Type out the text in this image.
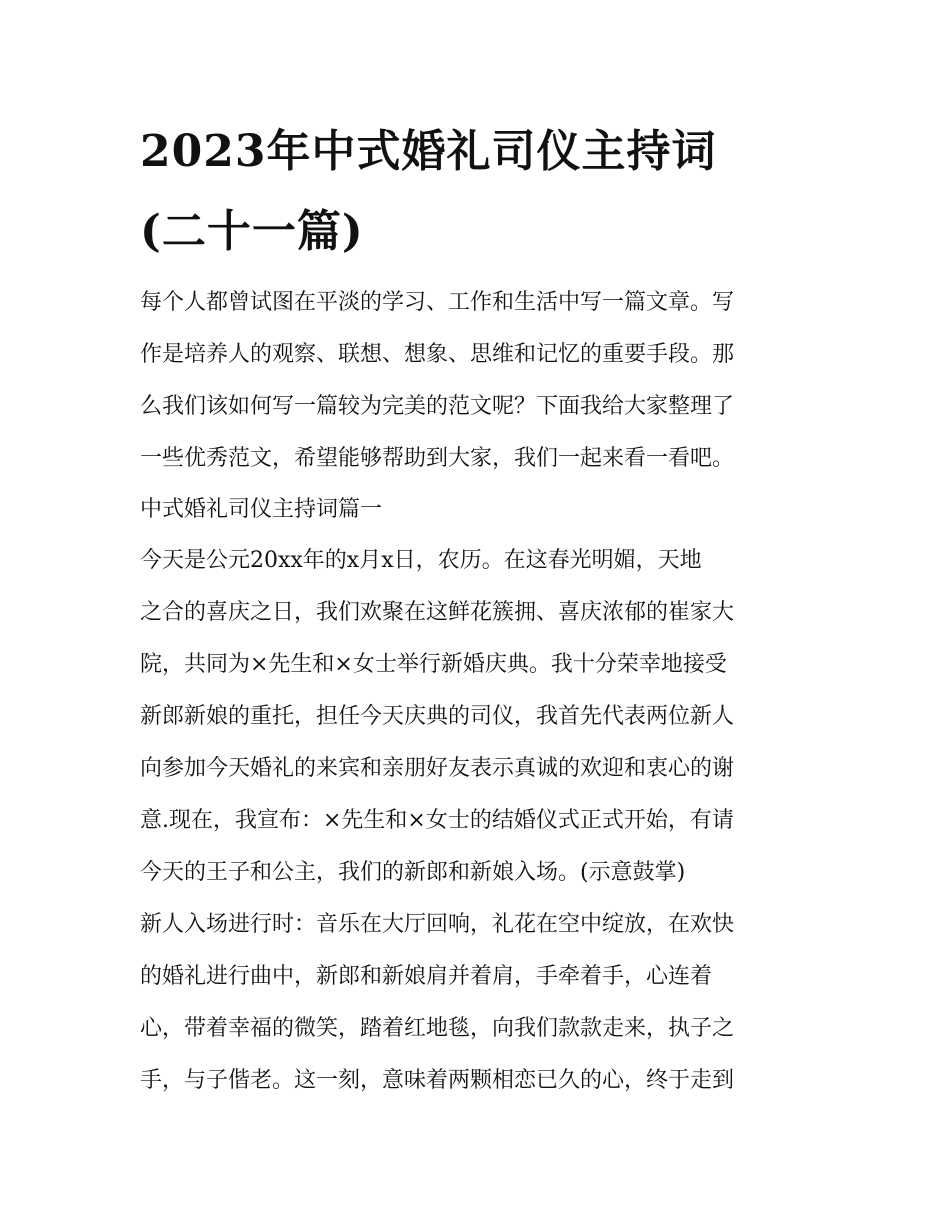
2023年中式婚礼司仪主持词
(二十一篇)
每个人都曾试图在平淡的学习、工作和生活中写一篇文章。写
作是培养人的观察、联想、想象、思维和记忆的重要手段。那
么我们该如何写一篇较为完美的范文呢？下面我给大家整理了
一些优秀范文，希望能够帮助到大家，我们一起来看一看吧。
中式婚礼司仪主持词篇一
今天是公元20xx年的x月x日，农历。在这春光明媚，天地
之合的喜庆之日，我们欢聚在这鲜花簇拥、喜庆浓郁的崔家大
院，共同为×先生和×女士举行新婚庆典。我十分荣幸地接受
新郎新娘的重托，担任今天庆典的司仪，我首先代表两位新人
向参加今天婚礼的来宾和亲朋好友表示真诚的欢迎和衷心的谢
意.现在，我宣布：×先生和×女士的结婚仪式正式开始，有请
今天的王子和公主，我们的新郎和新娘入场。(示意鼓掌)
新人入场进行时：音乐在大厅回响，礼花在空中绽放，在欢快
的婚礼进行曲中，新郎和新娘肩并着肩，手牵着手，心连着
心，带着幸福的微笑，踏着红地毯，向我们款款走来，执子之
手，与子偕老。这一刻，意味着两颗相恋已久的心，终于走到
